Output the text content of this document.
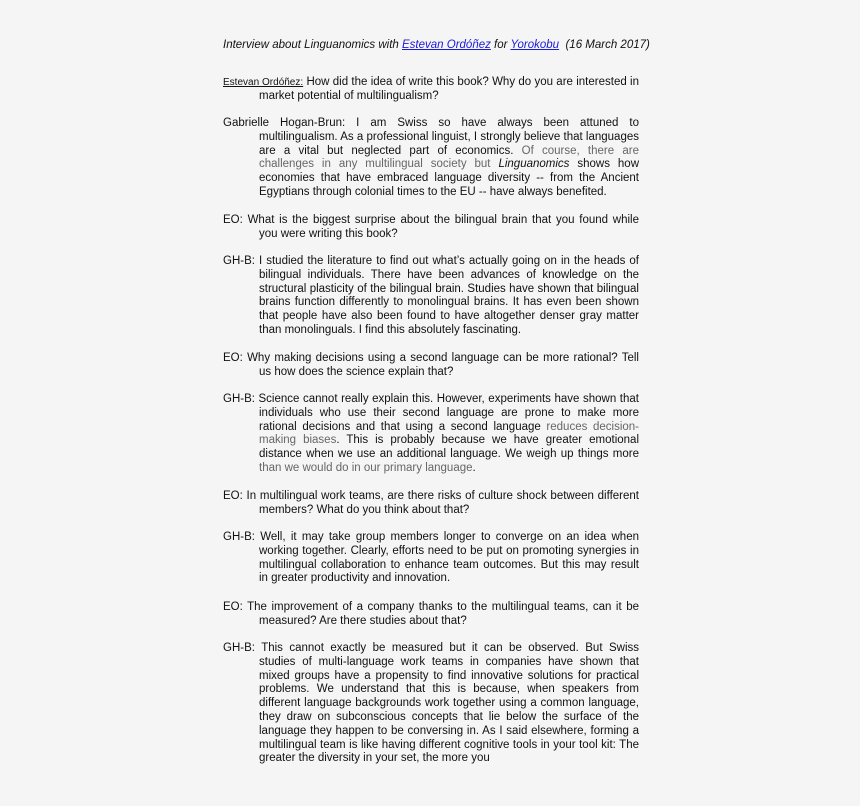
Interview about Linguanomics with Estevan Ordóñez for Yorokobu (16 March 2017)
Estevan Ordóñez: How did the idea of write this book? Why do you are interested in market potential of multilingualism?
Gabrielle Hogan-Brun: I am Swiss so have always been attuned to multilingualism. As a professional linguist, I strongly believe that languages are a vital but neglected part of economics. Of course, there are challenges in any multilingual society but Linguanomics shows how economies that have embraced language diversity -- from the Ancient Egyptians through colonial times to the EU -- have always benefited.
EO: What is the biggest surprise about the bilingual brain that you found while you were writing this book?
GH-B: I studied the literature to find out what’s actually going on in the heads of bilingual individuals. There have been advances of knowledge on the structural plasticity of the bilingual brain. Studies have shown that bilingual brains function differently to monolingual brains. It has even been shown that people have also been found to have altogether denser gray matter than monolinguals. I find this absolutely fascinating.
EO: Why making decisions using a second language can be more rational? Tell us how does the science explain that?
GH-B: Science cannot really explain this. However, experiments have shown that individuals who use their second language are prone to make more rational decisions and that using a second language reduces decision-making biases. This is probably because we have greater emotional distance when we use an additional language. We weigh up things more than we would do in our primary language.
EO: In multilingual work teams, are there risks of culture shock between different members? What do you think about that?
GH-B: Well, it may take group members longer to converge on an idea when working together. Clearly, efforts need to be put on promoting synergies in multilingual collaboration to enhance team outcomes. But this may result in greater productivity and innovation.
EO: The improvement of a company thanks to the multilingual teams, can it be measured? Are there studies about that?
GH-B: This cannot exactly be measured but it can be observed. But Swiss studies of multi-language work teams in companies have shown that mixed groups have a propensity to find innovative solutions for practical problems. We understand that this is because, when speakers from different language backgrounds work together using a common language, they draw on subconscious concepts that lie below the surface of the language they happen to be conversing in. As I said elsewhere, forming a multilingual team is like having different cognitive tools in your tool kit: The greater the diversity in your set, the more you
